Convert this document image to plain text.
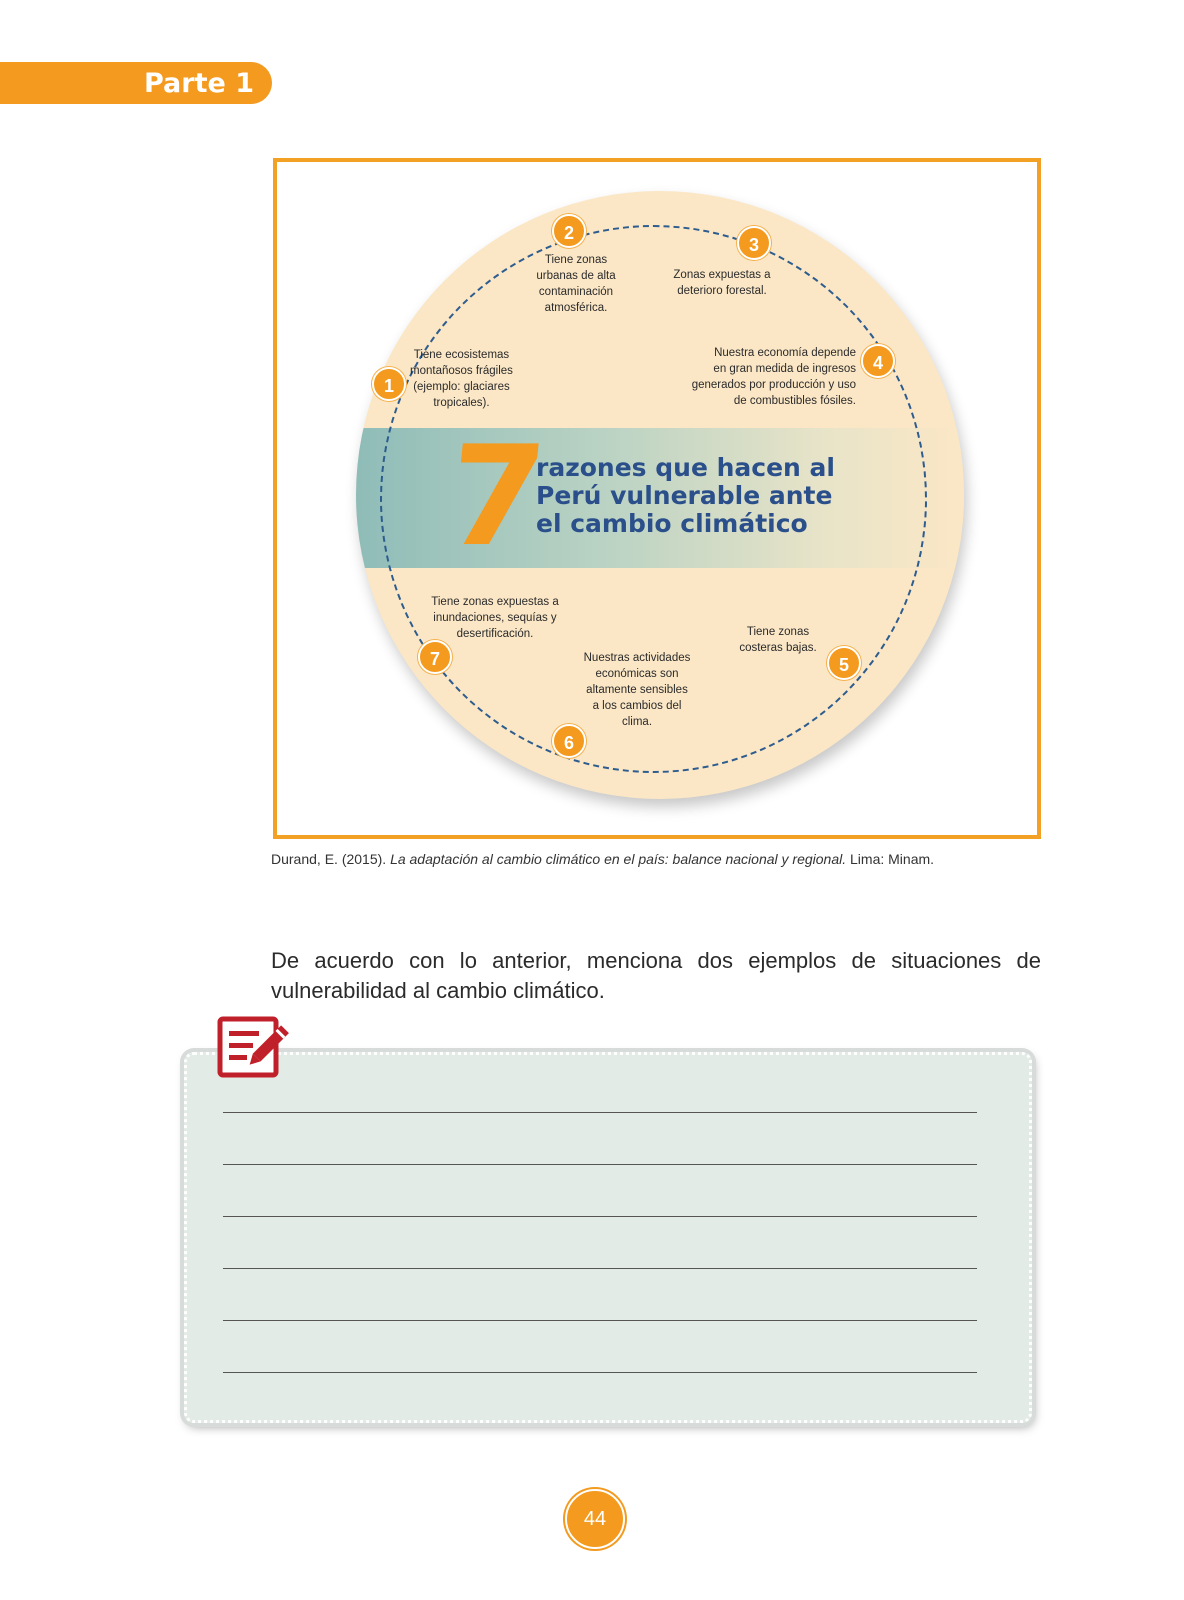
Parte 1
7
razones que hacen al
Perú vulnerable ante
el cambio climático
1
Tiene ecosistemas
montañosos frágiles
(ejemplo: glaciares
tropicales).
2
Tiene zonas
urbanas de alta
contaminación
atmosférica.
3
Zonas expuestas a
deterioro forestal.
4
Nuestra economía depende
en gran medida de ingresos
generados por producción y uso
de combustibles fósiles.
5
Tiene zonas
costeras bajas.
6
Nuestras actividades
económicas son
altamente sensibles
a los cambios del
clima.
7
Tiene zonas expuestas a
inundaciones, sequías y
desertificación.
Durand, E. (2015). La adaptación al cambio climático en el país: balance nacional y regional. Lima: Minam.
De acuerdo con lo anterior, menciona dos ejemplos de situaciones de
vulnerabilidad al cambio climático.
44
